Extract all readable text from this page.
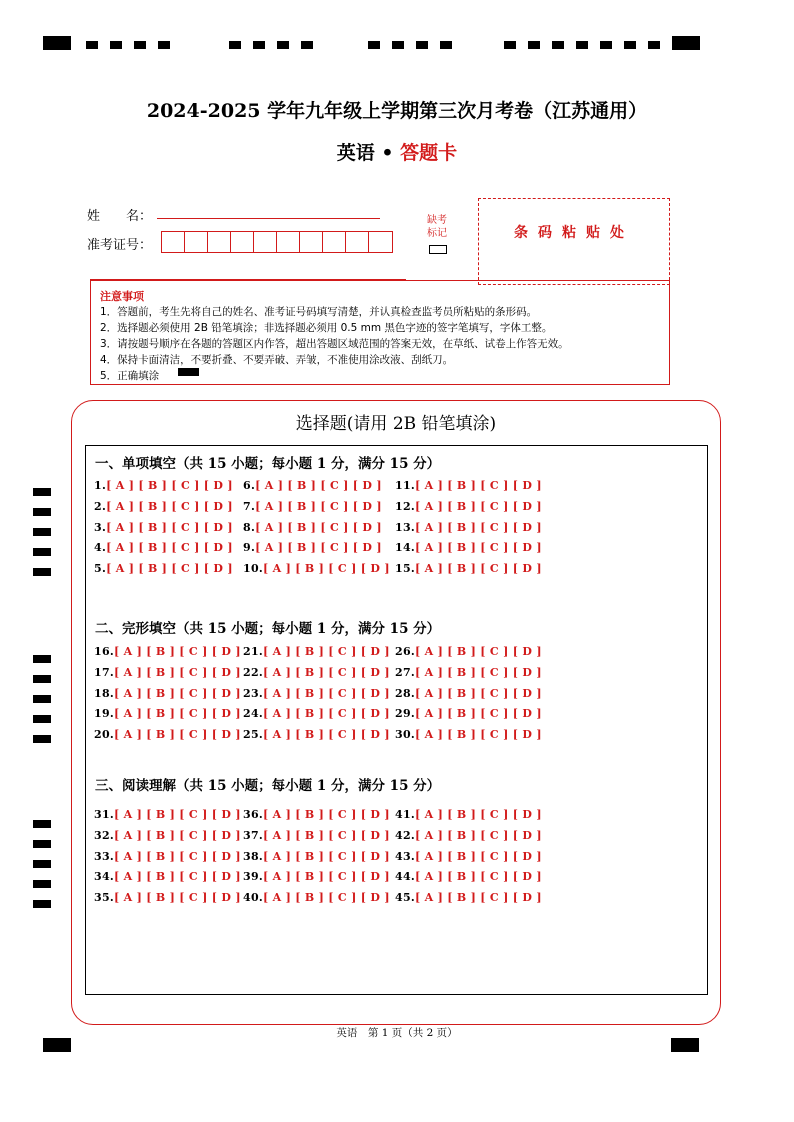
2024-2025 学年九年级上学期第三次月考卷（江苏通用）
英语 • 答题卡
姓　　名：
准考证号：
缺考
标记	条码粘贴处
注意事项
1．答题前，考生先将自己的姓名、准考证号码填写清楚，并认真检查监考员所粘贴的条形码。
2．选择题必须使用 2B 铅笔填涂；非选择题必须用 0.5 mm 黑色字迹的签字笔填写，字体工整。
3．请按题号顺序在各题的答题区内作答，超出答题区域范围的答案无效，在草纸、试卷上作答无效。
4．保持卡面清洁，不要折叠、不要弄破、弄皱，不准使用涂改液、刮纸刀。
5．正确填涂
选择题(请用 2B 铅笔填涂)
一、单项填空（共 15 小题；每小题 1 分，满分 15 分）
二、完形填空（共 15 小题；每小题 1 分，满分 15 分）
三、阅读理解（共 15 小题；每小题 1 分，满分 15 分）
1.[ A ] [ B ] [ C ] [ D ]
2.[ A ] [ B ] [ C ] [ D ]
3.[ A ] [ B ] [ C ] [ D ]
4.[ A ] [ B ] [ C ] [ D ]
5.[ A ] [ B ] [ C ] [ D ]
6.[ A ] [ B ] [ C ] [ D ]
7.[ A ] [ B ] [ C ] [ D ]
8.[ A ] [ B ] [ C ] [ D ]
9.[ A ] [ B ] [ C ] [ D ]
10.[ A ] [ B ] [ C ] [ D ]
11.[ A ] [ B ] [ C ] [ D ]
12.[ A ] [ B ] [ C ] [ D ]
13.[ A ] [ B ] [ C ] [ D ]
14.[ A ] [ B ] [ C ] [ D ]
15.[ A ] [ B ] [ C ] [ D ]
16.[ A ] [ B ] [ C ] [ D ]
17.[ A ] [ B ] [ C ] [ D ]
18.[ A ] [ B ] [ C ] [ D ]
19.[ A ] [ B ] [ C ] [ D ]
20.[ A ] [ B ] [ C ] [ D ]
21.[ A ] [ B ] [ C ] [ D ]
22.[ A ] [ B ] [ C ] [ D ]
23.[ A ] [ B ] [ C ] [ D ]
24.[ A ] [ B ] [ C ] [ D ]
25.[ A ] [ B ] [ C ] [ D ]
26.[ A ] [ B ] [ C ] [ D ]
27.[ A ] [ B ] [ C ] [ D ]
28.[ A ] [ B ] [ C ] [ D ]
29.[ A ] [ B ] [ C ] [ D ]
30.[ A ] [ B ] [ C ] [ D ]
31.[ A ] [ B ] [ C ] [ D ]
32.[ A ] [ B ] [ C ] [ D ]
33.[ A ] [ B ] [ C ] [ D ]
34.[ A ] [ B ] [ C ] [ D ]
35.[ A ] [ B ] [ C ] [ D ]
36.[ A ] [ B ] [ C ] [ D ]
37.[ A ] [ B ] [ C ] [ D ]
38.[ A ] [ B ] [ C ] [ D ]
39.[ A ] [ B ] [ C ] [ D ]
40.[ A ] [ B ] [ C ] [ D ]
41.[ A ] [ B ] [ C ] [ D ]
42.[ A ] [ B ] [ C ] [ D ]
43.[ A ] [ B ] [ C ] [ D ]
44.[ A ] [ B ] [ C ] [ D ]
45.[ A ] [ B ] [ C ] [ D ]
英语　第 1 页（共 2 页）
